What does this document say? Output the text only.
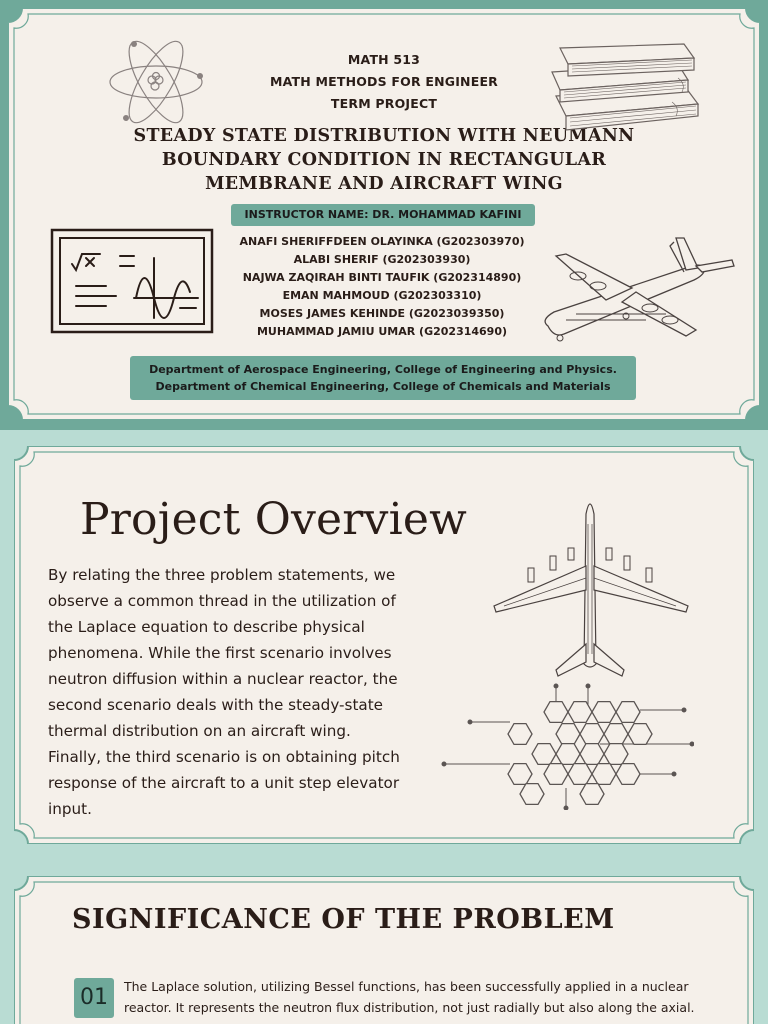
MATH 513
MATH METHODS FOR ENGINEER
TERM PROJECT
STEADY STATE DISTRIBUTION WITH NEUMANN
BOUNDARY CONDITION IN RECTANGULAR
MEMBRANE AND AIRCRAFT WING
INSTRUCTOR NAME: DR. MOHAMMAD KAFINI
ANAFI SHERIFFDEEN OLAYINKA (G202303970)
ALABI SHERIF (G202303930)
NAJWA ZAQIRAH BINTI TAUFIK (G202314890)
EMAN MAHMOUD (G202303310)
MOSES JAMES KEHINDE (G2023039350)
MUHAMMAD JAMIU UMAR (G202314690)
Department of Aerospace Engineering, College of Engineering and Physics.
Department of Chemical Engineering, College of Chemicals and Materials
Project Overview
By relating the three problem statements, we
observe a common thread in the utilization of
the Laplace equation to describe physical
phenomena. While the first scenario involves
neutron diffusion within a nuclear reactor, the
second scenario deals with the steady-state
thermal distribution on an aircraft wing.
Finally, the third scenario is on obtaining pitch
response of the aircraft to a unit step elevator
input.
SIGNIFICANCE OF THE PROBLEM
01	The Laplace solution, utilizing Bessel functions, has been successfully applied in a nuclear
reactor. It represents the neutron flux distribution, not just radially but also along the axial.
